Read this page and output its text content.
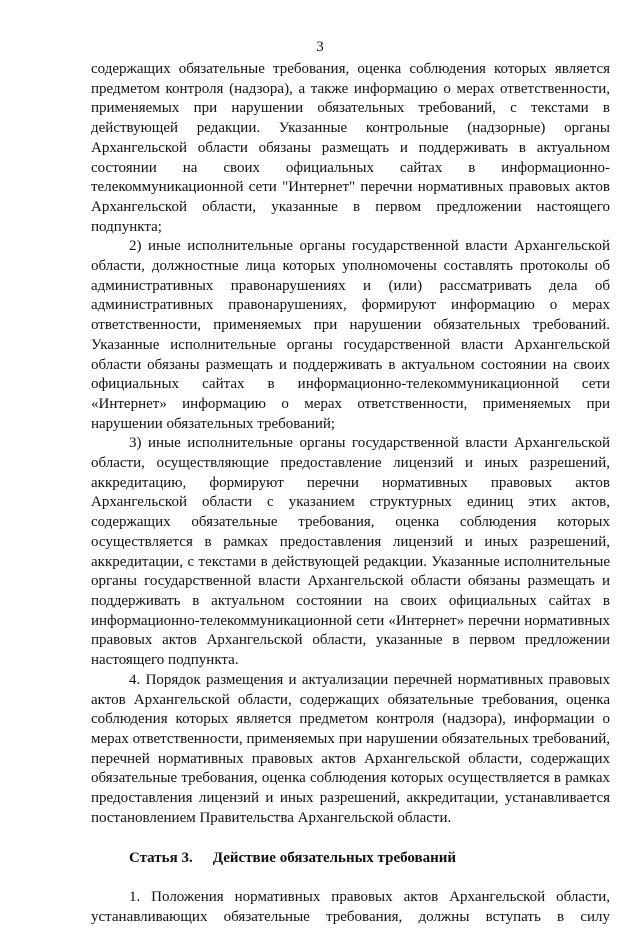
3

содержащих обязательные требования, оценка соблюдения которых является предметом контроля (надзора), а также информацию о мерах ответственности, применяемых при нарушении обязательных требований, с текстами в действующей редакции. Указанные контрольные (надзорные) органы Архангельской области обязаны размещать и поддерживать в актуальном состоянии на своих официальных сайтах в информационно-телекоммуникационной сети "Интернет" перечни нормативных правовых актов Архангельской области, указанные в первом предложении настоящего подпункта;

2) иные исполнительные органы государственной власти Архангельской области, должностные лица которых уполномочены составлять протоколы об административных правонарушениях и (или) рассматривать дела об административных правонарушениях, формируют информацию о мерах ответственности, применяемых при нарушении обязательных требований. Указанные исполнительные органы государственной власти Архангельской области обязаны размещать и поддерживать в актуальном состоянии на своих официальных сайтах в информационно-телекоммуникационной сети «Интернет» информацию о мерах ответственности, применяемых при нарушении обязательных требований;

3) иные исполнительные органы государственной власти Архангельской области, осуществляющие предоставление лицензий и иных разрешений, аккредитацию, формируют перечни нормативных правовых актов Архангельской области с указанием структурных единиц этих актов, содержащих обязательные требования, оценка соблюдения которых осуществляется в рамках предоставления лицензий и иных разрешений, аккредитации, с текстами в действующей редакции. Указанные исполнительные органы государственной власти Архангельской области обязаны размещать и поддерживать в актуальном состоянии на своих официальных сайтах в информационно-телекоммуникационной сети «Интернет» перечни нормативных правовых актов Архангельской области, указанные в первом предложении настоящего подпункта.

4. Порядок размещения и актуализации перечней нормативных правовых актов Архангельской области, содержащих обязательные требования, оценка соблюдения которых является предметом контроля (надзора), информации о мерах ответственности, применяемых при нарушении обязательных требований, перечней нормативных правовых актов Архангельской области, содержащих обязательные требования, оценка соблюдения которых осуществляется в рамках предоставления лицензий и иных разрешений, аккредитации, устанавливается постановлением Правительства Архангельской области.

Статья 3. Действие обязательных требований

1. Положения нормативных правовых актов Архангельской области, устанавливающих обязательные требования, должны вступать в силу
